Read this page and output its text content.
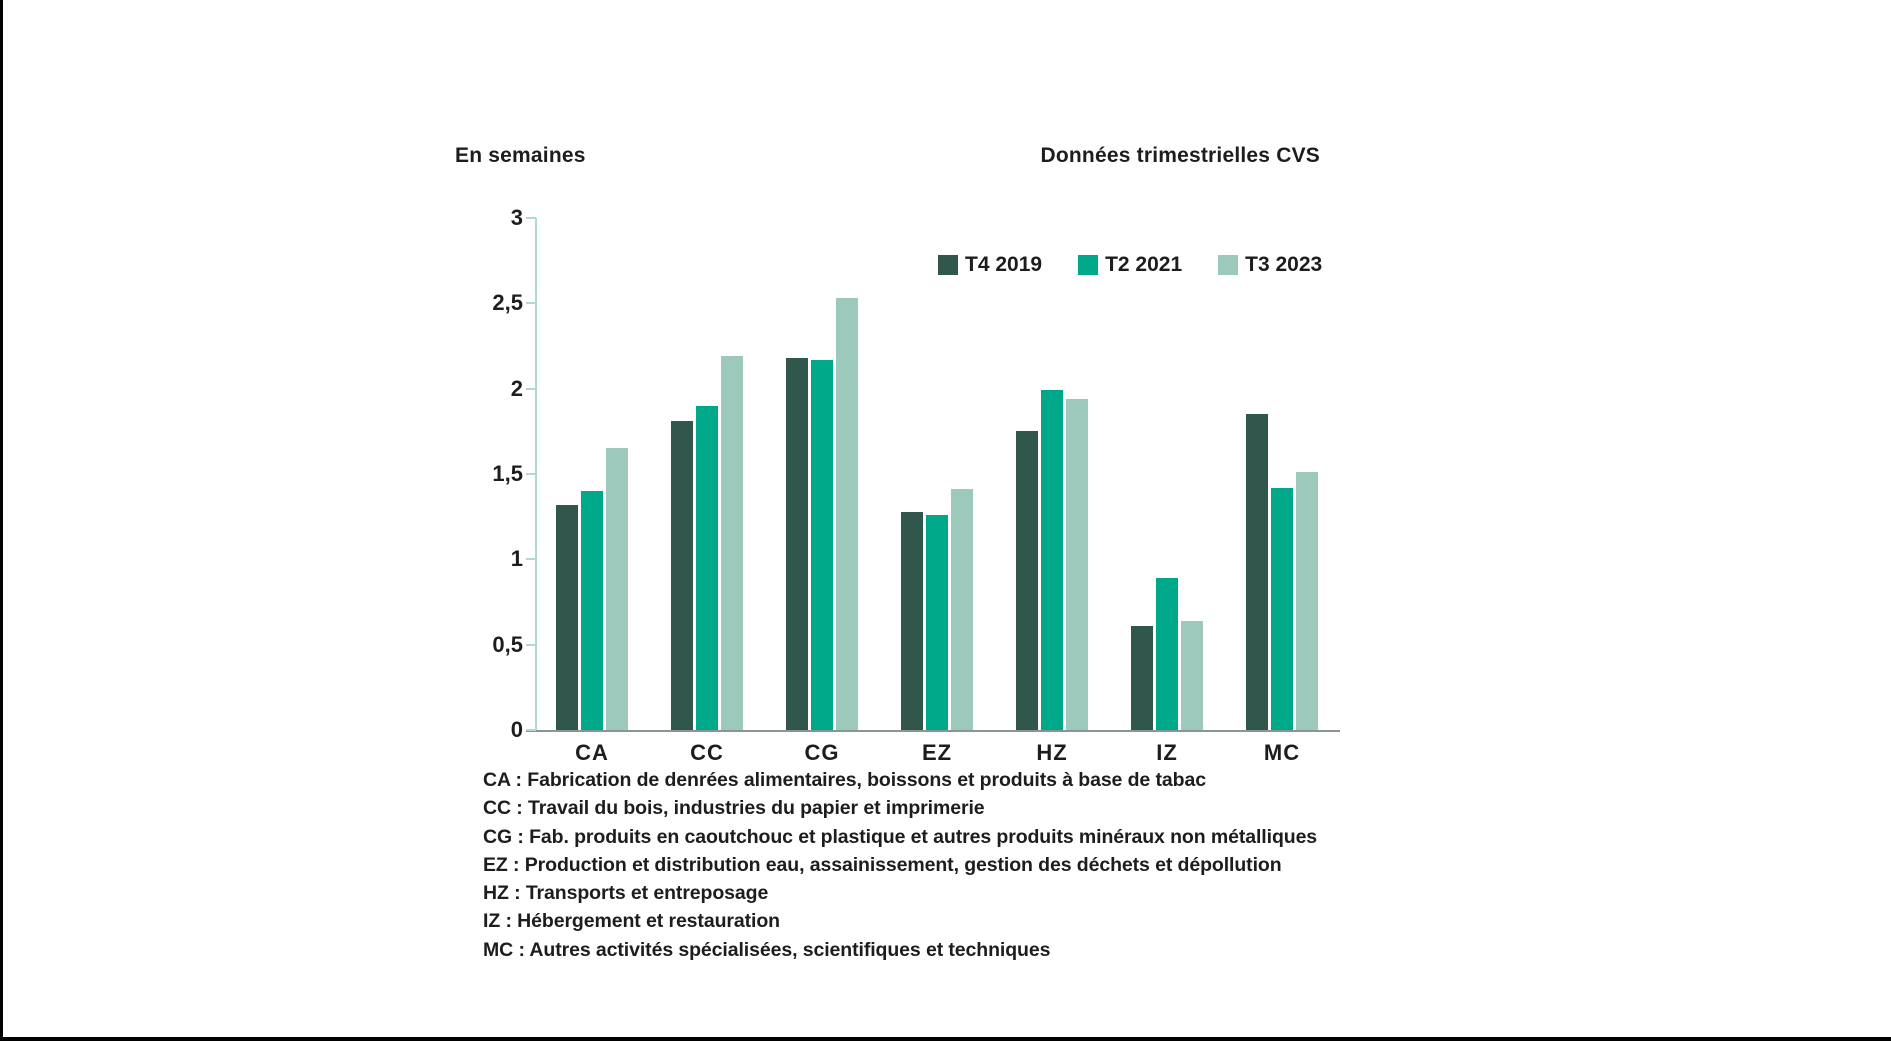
En semaines	Données trimestrielles CVS
0
0,5
1
1,5
2
2,5
3
CA	CC	CG	EZ	HZ	IZ	MC
T4 2019	T2 2021	T3 2023
CA : Fabrication de denrées alimentaires, boissons et produits à base de tabac
CC : Travail du bois, industries du papier et imprimerie
CG : Fab. produits en caoutchouc et plastique et autres produits minéraux non métalliques
EZ : Production et distribution eau, assainissement, gestion des déchets et dépollution
HZ : Transports et entreposage
IZ : Hébergement et restauration
MC : Autres activités spécialisées, scientifiques et techniques
